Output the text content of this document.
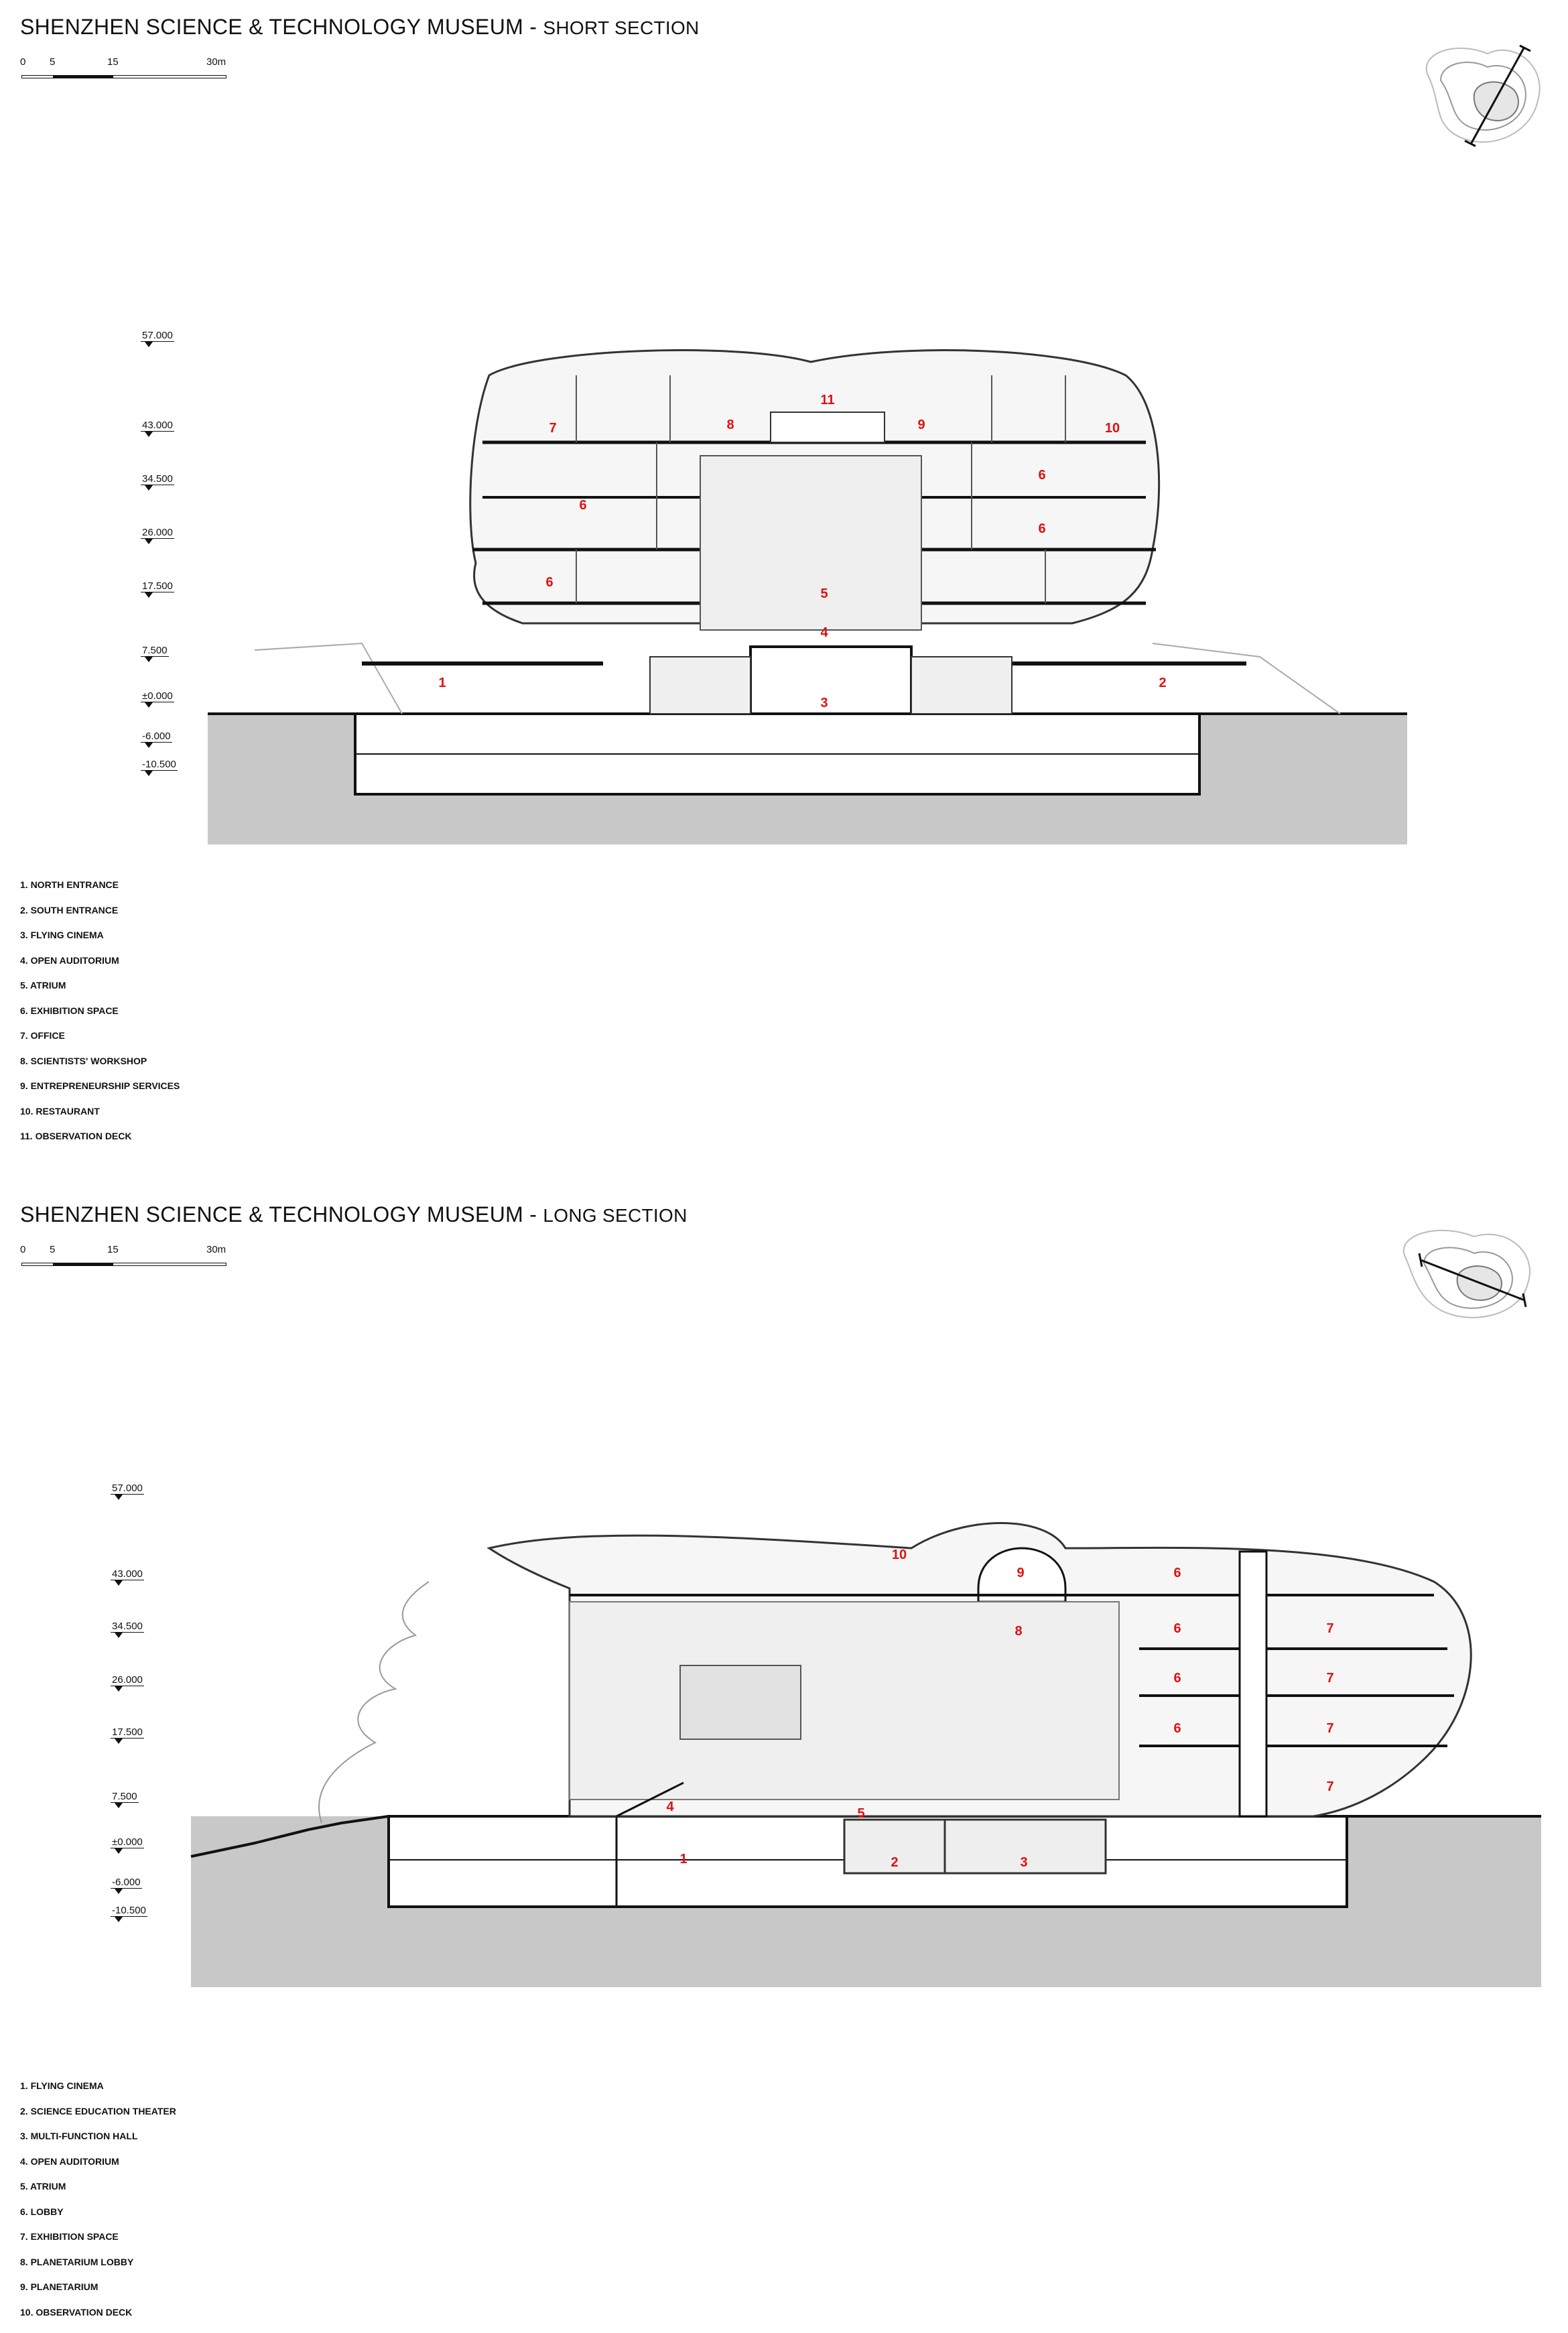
SHENZHEN SCIENCE & TECHNOLOGY MUSEUM - SHORT SECTION
0 5	15	30m
57.000
43.000
34.500
26.000
17.500
7.500
±0.000
-6.000
-10.500
1	2
3
4
5
6
6
6
6
7	8	9	10
11
1. NORTH ENTRANCE
2. SOUTH ENTRANCE
3. FLYING CINEMA
4. OPEN AUDITORIUM
5. ATRIUM
6. EXHIBITION SPACE
7. OFFICE
8. SCIENTISTS' WORKSHOP
9. ENTREPRENEURSHIP SERVICES
10. RESTAURANT
11. OBSERVATION DECK
SHENZHEN SCIENCE & TECHNOLOGY MUSEUM - LONG SECTION
0 5	15	30m
57.000
43.000
34.500
26.000
17.500
7.500
±0.000
-6.000
-10.500
1	2	3
4	5
6
6
6
6
7
7
7
7
8
9
10
1. FLYING CINEMA
2. SCIENCE EDUCATION THEATER
3. MULTI-FUNCTION HALL
4. OPEN AUDITORIUM
5. ATRIUM
6. LOBBY
7. EXHIBITION SPACE
8. PLANETARIUM LOBBY
9. PLANETARIUM
10. OBSERVATION DECK
